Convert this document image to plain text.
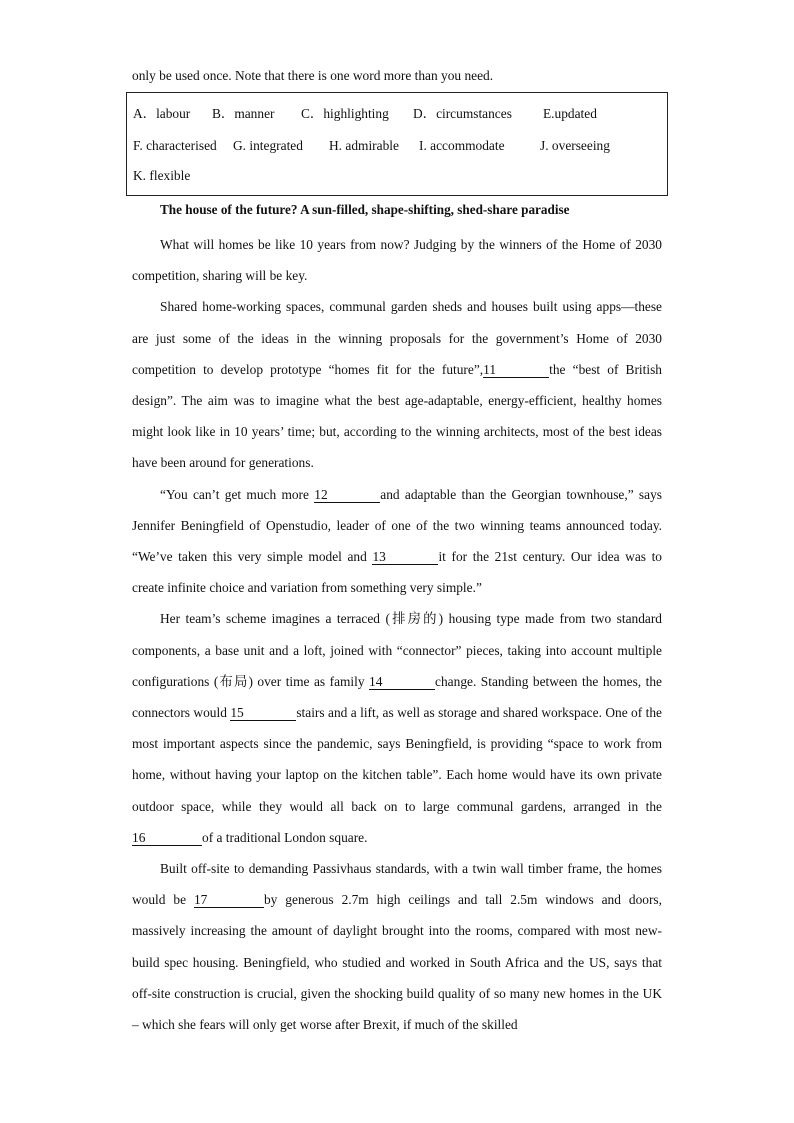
only be used once. Note that there is one word more than you need.

A．labour B．manner C．highlighting D．circumstances E.updated
F. characterised G. integrated H. admirable I. accommodate	J. overseeing
K. flexible
The house of the future? A sun-filled, shape-shifting, shed-share paradise

What will homes be like 10 years from now? Judging by the winners of the Home of 2030 competition, sharing will be key.

Shared home-working spaces, communal garden sheds and houses built using apps—these are just some of the ideas in the winning proposals for the government’s Home of 2030 competition to develop prototype “homes fit for the future”,11	the “best of British design”. The aim was to imagine what the best age-adaptable, energy-efficient, healthy homes might look like in 10 years’ time; but, according to the winning architects, most of the best ideas have been around for generations.

“You can’t get much more 12	and adaptable than the Georgian townhouse,” says Jennifer Beningfield of Openstudio, leader of one of the two winning teams announced today. “We’ve taken this very simple model and 13	it for the 21st century. Our idea was to create infinite choice and variation from something very simple.”

Her team’s scheme imagines a terraced (排房的) housing type made from two standard components, a base unit and a loft, joined with “connector” pieces, taking into account multiple configurations (布局) over time as family 14	change. Standing between the homes, the connectors would 15	stairs and a lift, as well as storage and shared workspace. One of the most important aspects since the pandemic, says Beningfield, is providing “space to work from home, without having your laptop on the kitchen table”. Each home would have its own private outdoor space, while they would all back on to large communal gardens, arranged in the 16	of a traditional London square.

Built off-site to demanding Passivhaus standards, with a twin wall timber frame, the homes would be 17	by generous 2.7m high ceilings and tall 2.5m windows and doors, massively increasing the amount of daylight brought into the rooms, compared with most new-build spec housing. Beningfield, who studied and worked in South Africa and the US, says that off-site construction is crucial, given the shocking build quality of so many new homes in the UK – which she fears will only get worse after Brexit, if much of the skilled
